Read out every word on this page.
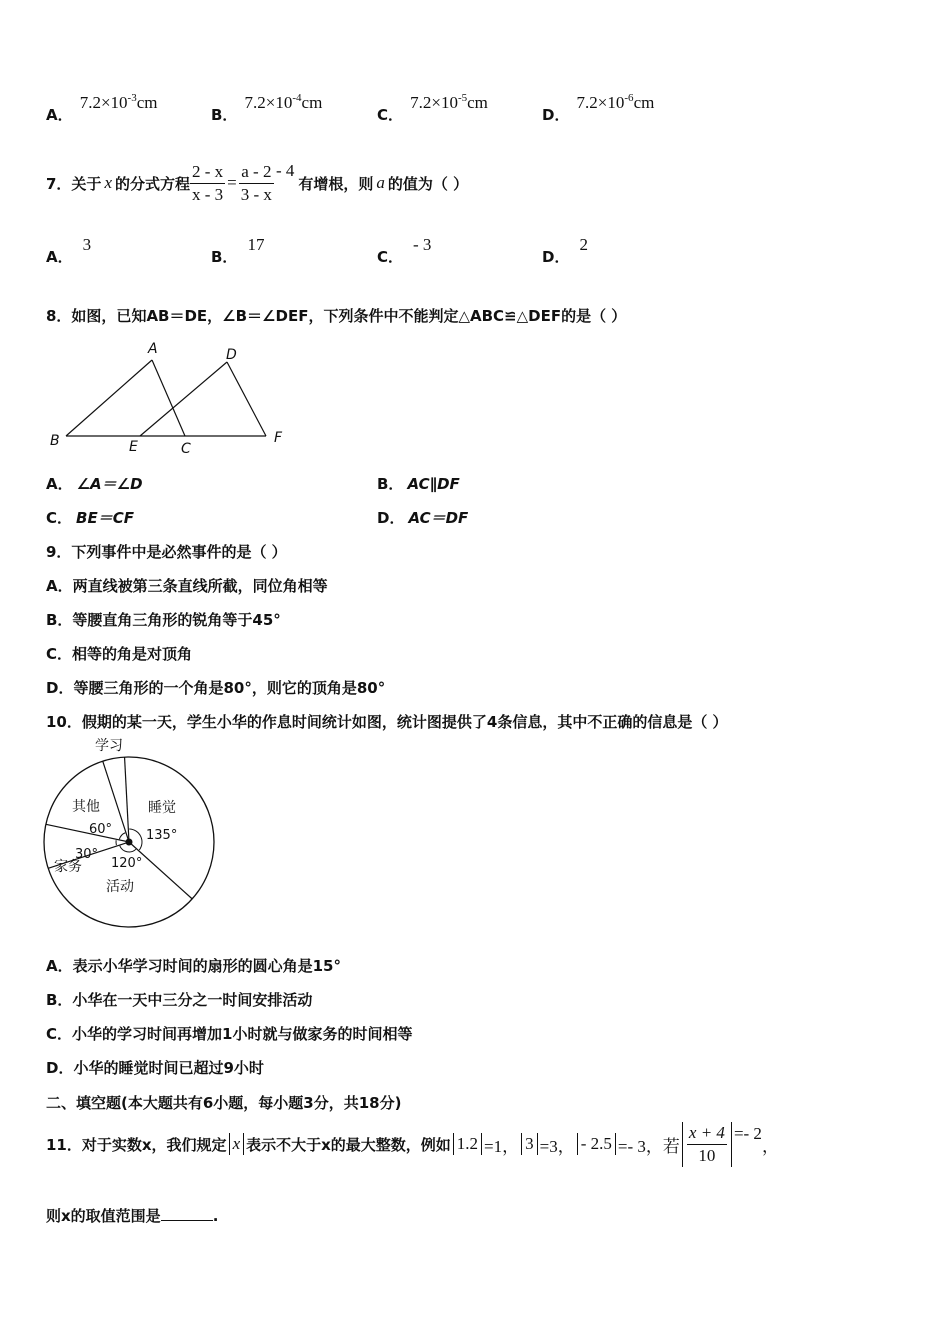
A． $7.2\times 10^{-3}cm$
B． $7.2\times 10^{-4}cm$
C． $7.2\times 10^{-5}cm$
D． $7.2\times 10^{-6}cm$
7．关于 x 的分式方程 $\frac{2 - x}{x - 3} = \frac{a - 2}{3 - x} - 4$
有增根，则 a 的值为（ ）
A．3
B．17
C．- 3
D．2
8．如图，已知AB＝DE，∠B＝∠DEF，下列条件中不能判定△ABC≌△DEF的是（ ）
A	D
B	E	C
F
A． ∠A＝∠D	B． AC∥DF
C． BE＝CF	D． AC＝DF
9．下列事件中是必然事件的是（ ）
A．两直线被第三条直线所截，同位角相等
B．等腰直角三角形的锐角等于45°
C．相等的角是对顶角
D．等腰三角形的一个角是80°，则它的顶角是80°
10．假期的某一天，学生小华的作息时间统计如图，统计图提供了4条信息，其中不正确的信息是（ ）
学习
睡觉
活动
家务
其他
135°
120°
30°
60°
A．表示小华学习时间的扇形的圆心角是15°
B．小华在一天中三分之一时间安排活动
C．小华的学习时间再增加1小时就与做家务的时间相等
D．小华的睡觉时间已超过9小时
二、填空题(本大题共有6小题，每小题3分，共18分)
11．对于实数x，我们规定 x 表示不大于x的最大整数，例如 1.2 =1， 3 =3， - 2.5 =- 3，若 $\frac{x + 4}{10} =- 2$
，
则x的取值范围是	.
